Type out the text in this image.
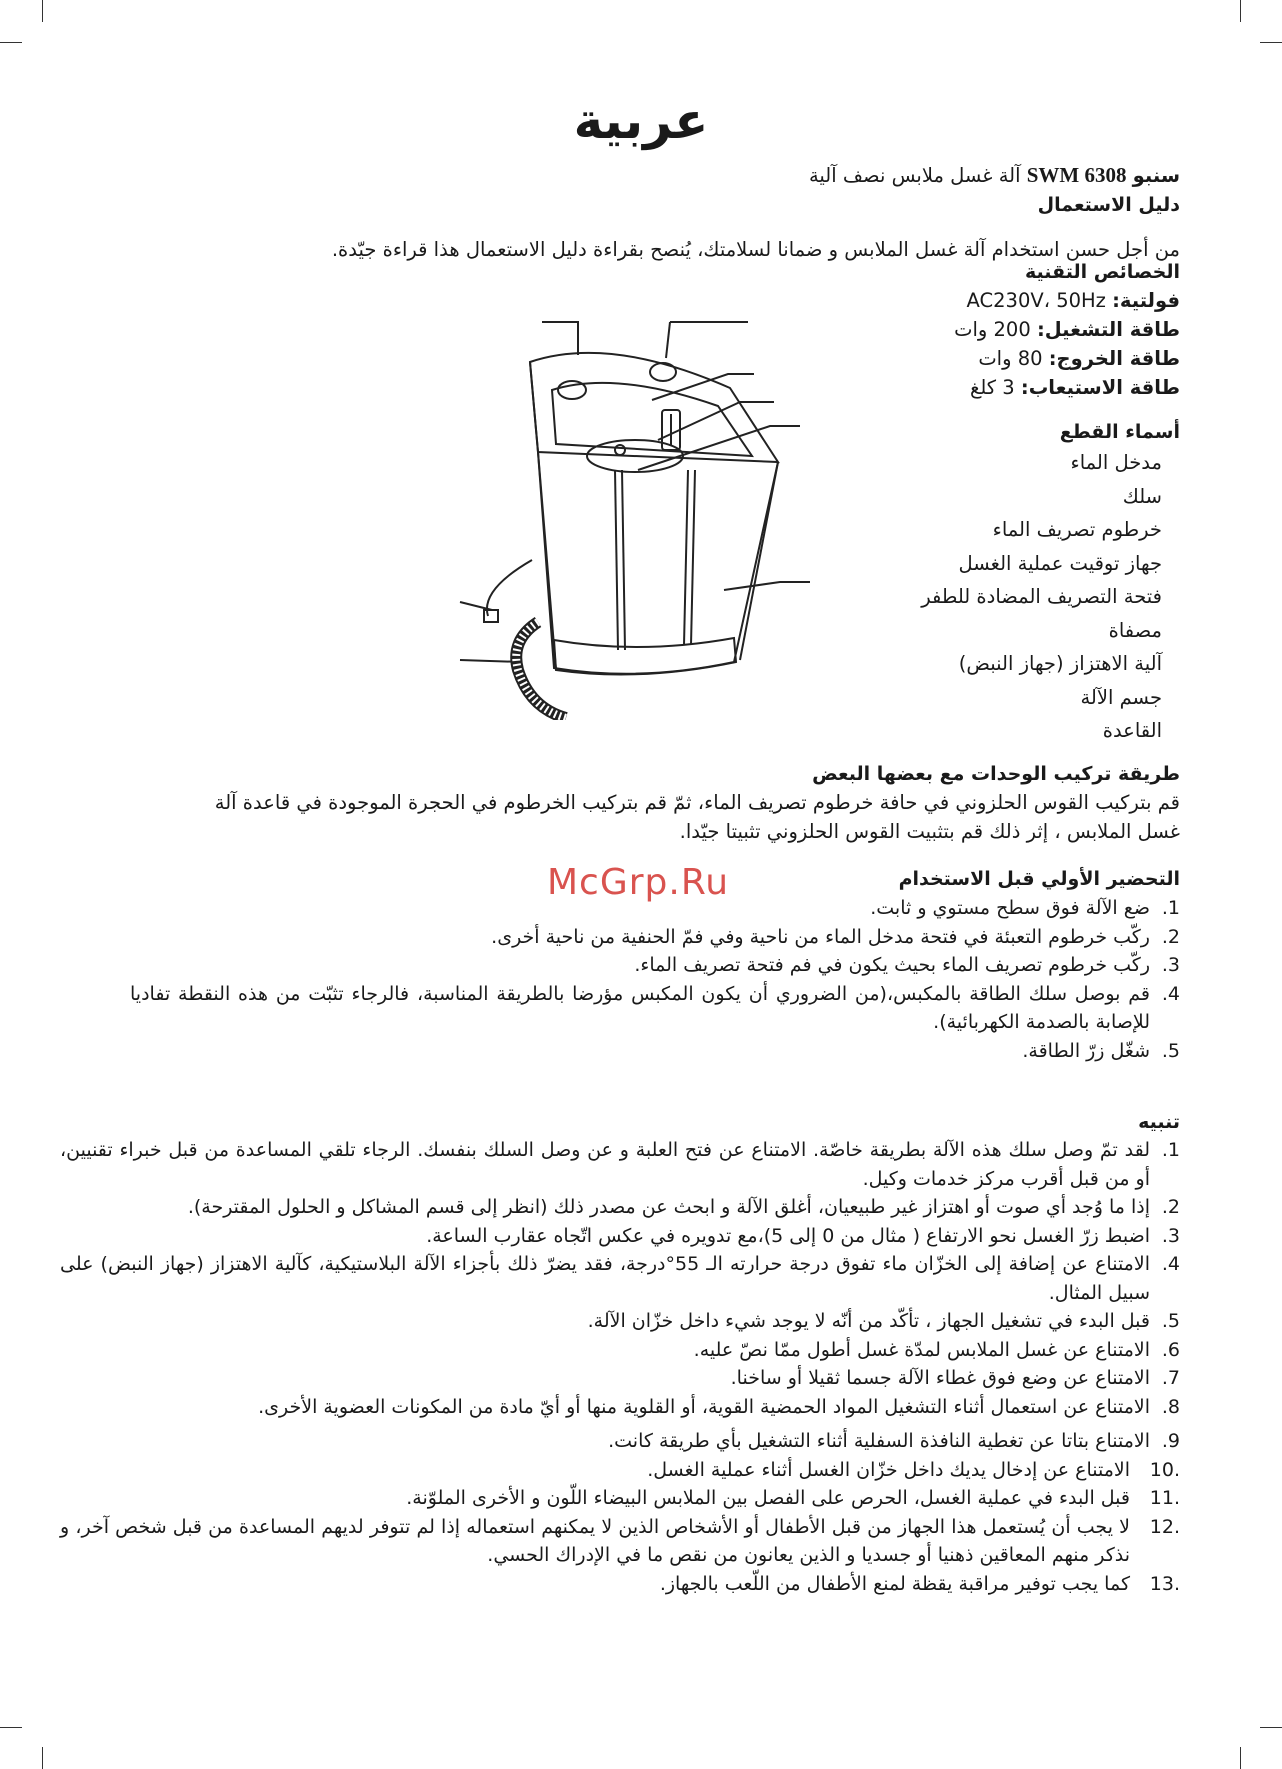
عربية
سنبو SWM 6308 آلة غسل ملابس نصف آلية
دليل الاستعمال
من أجل حسن استخدام آلة غسل الملابس و ضمانا لسلامتك، يُنصح بقراءة دليل الاستعمال هذا قراءة جيّدة.
الخصائص التقنية
فولتية: AC230V، 50Hz
طاقة التشغيل: 200 وات
طاقة الخروج: 80 وات
طاقة الاستيعاب: 3 كلغ
أسماء القطع
مدخل الماء
سلك
خرطوم تصريف الماء
جهاز توقيت عملية الغسل
فتحة التصريف المضادة للطفر
مصفاة
آلية الاهتزاز (جهاز النبض)
جسم الآلة
القاعدة
طريقة تركيب الوحدات مع بعضها البعض
قم بتركيب القوس الحلزوني في حافة خرطوم تصريف الماء، ثمّ قم بتركيب الخرطوم في الحجرة الموجودة في قاعدة آلة
غسل الملابس ، إثر ذلك قم بتثبيت القوس الحلزوني تثبيتا جيّدا.
McGrp.Ru	التحضير الأولي قبل الاستخدام
1.
ضع الآلة فوق سطح مستوي و ثابت.
2.
ركّب خرطوم التعبئة في فتحة مدخل الماء من ناحية وفي فمّ الحنفية من ناحية أخرى.
3.
ركّب خرطوم تصريف الماء بحيث يكون في فم فتحة تصريف الماء.
4.
قم بوصل سلك الطاقة بالمكبس،(من الضروري أن يكون المكبس مؤرضا بالطريقة المناسبة، فالرجاء تثبّت من هذه النقطة تفاديا للإصابة بالصدمة الكهربائية).
5.
شغّل زرّ الطاقة.
تنبيه
1.
لقد تمّ وصل سلك هذه الآلة بطريقة خاصّة. الامتناع عن فتح العلبة و عن وصل السلك بنفسك. الرجاء تلقي المساعدة من قبل خبراء تقنيين، أو من قبل أقرب مركز خدمات وكيل.
2.
إذا ما وُجد أي صوت أو اهتزاز غير طبيعيان، أغلق الآلة و ابحث عن مصدر ذلك (انظر إلى قسم المشاكل و الحلول المقترحة).
3.
اضبط زرّ الغسل نحو الارتفاع ( مثال من 0 إلى 5)،مع تدويره في عكس اتّجاه عقارب الساعة.
4.
الامتناع عن إضافة إلى الخزّان ماء تفوق درجة حرارته الـ 55°درجة، فقد يضرّ ذلك بأجزاء الآلة البلاستيكية، كآلية الاهتزاز (جهاز النبض) على سبيل المثال.
5.
قبل البدء في تشغيل الجهاز ، تأكّد من أنّه لا يوجد شيء داخل خزّان الآلة.
6.
الامتناع عن غسل الملابس لمدّة غسل أطول ممّا نصّ عليه.
7.
الامتناع عن وضع فوق غطاء الآلة جسما ثقيلا أو ساخنا.
8.
الامتناع عن استعمال أثناء التشغيل المواد الحمضية القوية، أو القلوية منها أو أيّ مادة من المكونات العضوية الأخرى.
9.
الامتناع بتاتا عن تغطية النافذة السفلية أثناء التشغيل بأي طريقة كانت.
.10
الامتناع عن إدخال يديك داخل خزّان الغسل أثناء عملية الغسل.
.11
قبل البدء في عملية الغسل، الحرص على الفصل بين الملابس البيضاء اللّون و الأخرى الملوّنة.
.12
لا يجب أن يُستعمل هذا الجهاز من قبل الأطفال أو الأشخاص الذين لا يمكنهم استعماله إذا لم تتوفر لديهم المساعدة من قبل شخص آخر، و نذكر منهم المعاقين ذهنيا أو جسديا و الذين يعانون من نقص ما في الإدراك الحسي.
.13
كما يجب توفير مراقبة يقظة لمنع الأطفال من اللّعب بالجهاز.
